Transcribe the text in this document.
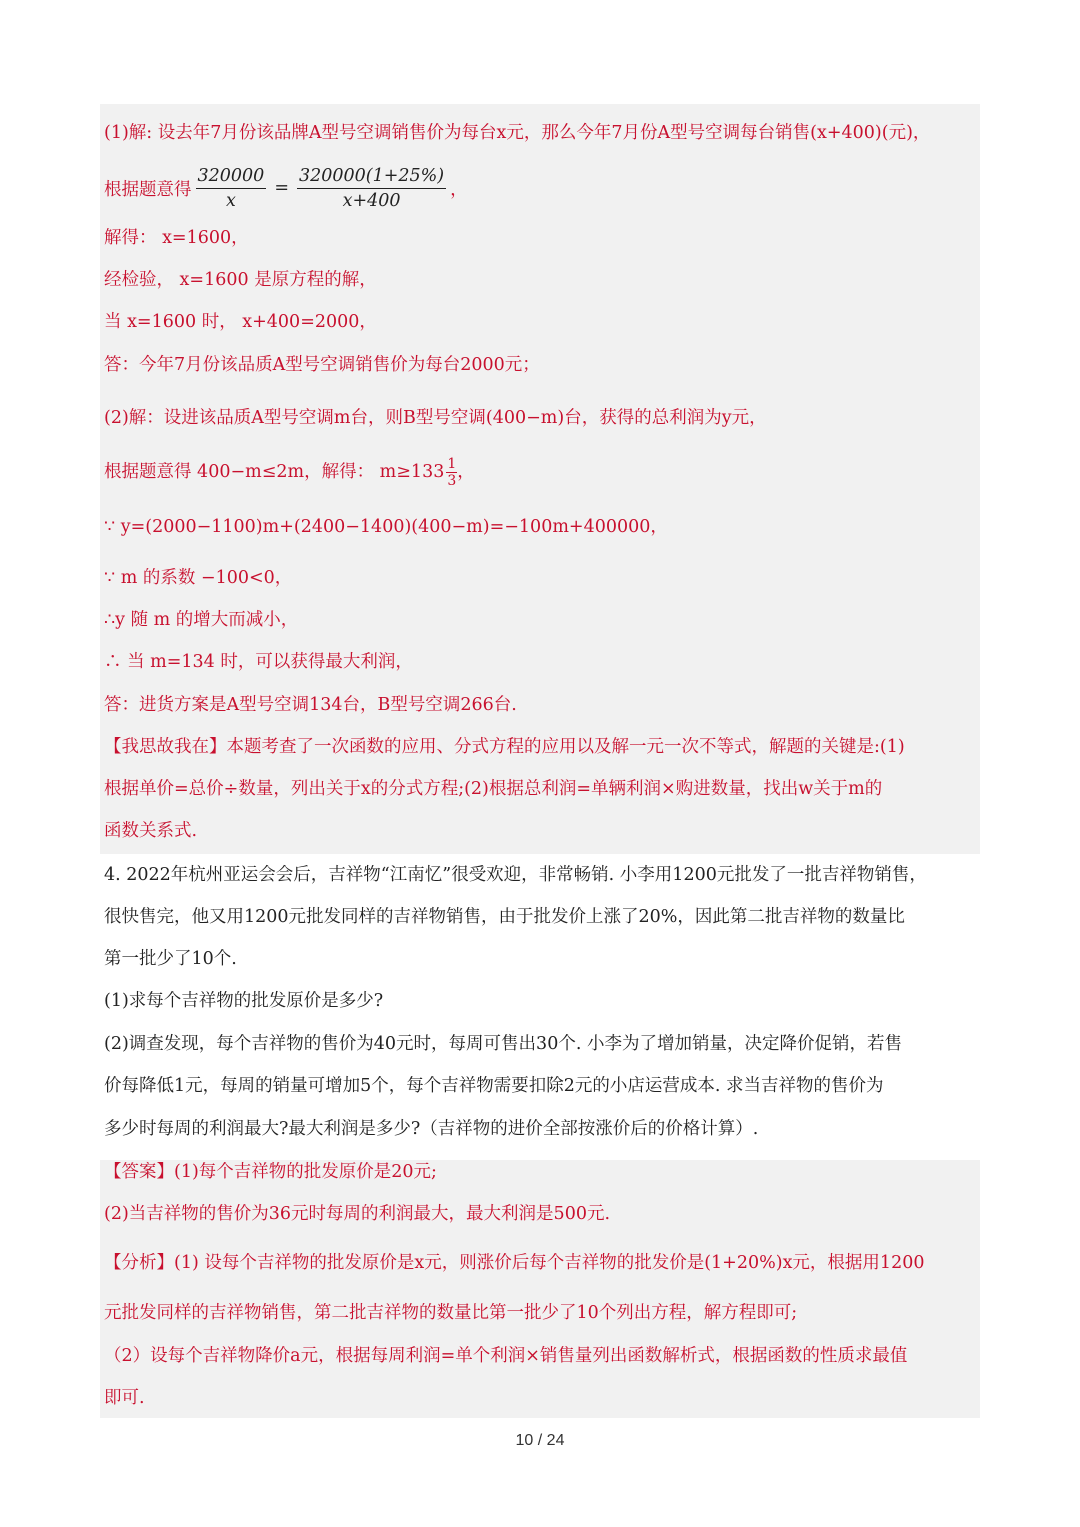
(1)解: 设去年7月份该品牌A型号空调销售价为每台x元，那么今年7月份A型号空调每台销售(x+400)(元)，
根据题意得 $\frac{320000}{x} = \frac{320000(1+25\%)}{x+400}$ ，
解得： x=1600，
经检验， x=1600 是原方程的解，
当 x=1600 时， x+400=2000，
答：今年7月份该品质A型号空调销售价为每台2000元；
(2)解：设进该品质A型号空调m台，则B型号空调(400−m)台，获得的总利润为y元，
根据题意得 400−m≤2m，解得： $m\ge 133 \frac{1}{3}$ ，
∵ y=(2000−1100)m+(2400−1400)(400−m)=−100m+400000，
∵ m 的系数 −100<0，
∴y 随 m 的增大而减小，
∴ 当 m=134 时，可以获得最大利润，
答：进货方案是A型号空调134台，B型号空调266台.
【我思故我在】本题考查了一次函数的应用、分式方程的应用以及解一元一次不等式，解题的关键是:(1)
根据单价=总价÷数量，列出关于x的分式方程;(2)根据总利润=单辆利润×购进数量，找出w关于m的
函数关系式.
4. 2022年杭州亚运会会后，吉祥物“江南忆”很受欢迎，非常畅销. 小李用1200元批发了一批吉祥物销售，
很快售完，他又用1200元批发同样的吉祥物销售，由于批发价上涨了20%，因此第二批吉祥物的数量比
第一批少了10个.
(1)求每个吉祥物的批发原价是多少?
(2)调查发现，每个吉祥物的售价为40元时，每周可售出30个. 小李为了增加销量，决定降价促销，若售
价每降低1元，每周的销量可增加5个，每个吉祥物需要扣除2元的小店运营成本. 求当吉祥物的售价为
多少时每周的利润最大?最大利润是多少?（吉祥物的进价全部按涨价后的价格计算）.
【答案】(1)每个吉祥物的批发原价是20元;
(2)当吉祥物的售价为36元时每周的利润最大，最大利润是500元.
【分析】(1) 设每个吉祥物的批发原价是x元，则涨价后每个吉祥物的批发价是(1+20%)x元，根据用1200
元批发同样的吉祥物销售，第二批吉祥物的数量比第一批少了10个列出方程，解方程即可;
（2）设每个吉祥物降价a元，根据每周利润=单个利润×销售量列出函数解析式，根据函数的性质求最值
即可.
10 / 24
